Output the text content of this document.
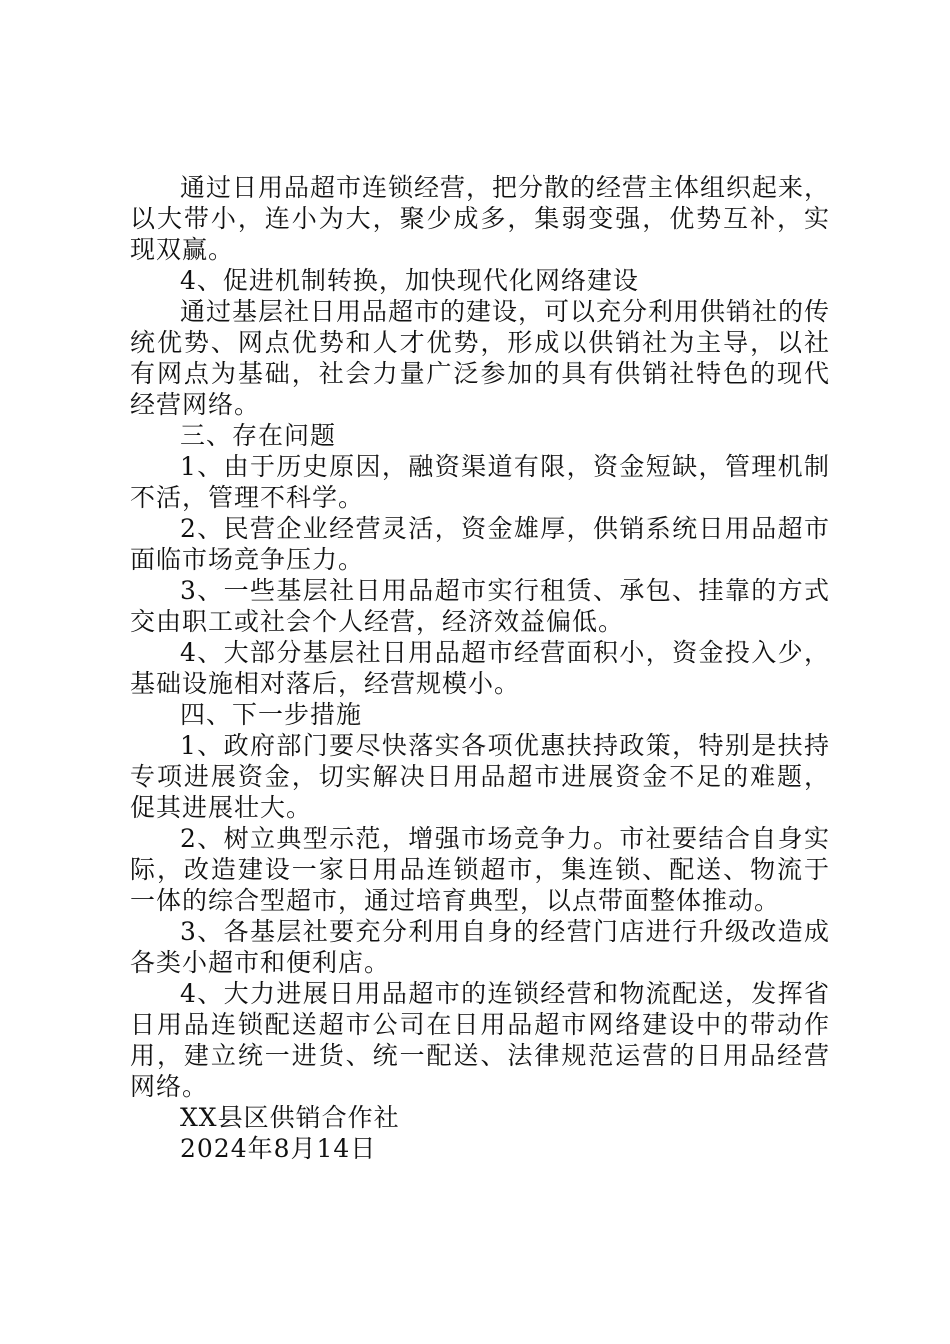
通过日用品超市连锁经营，把分散的经营主体组织起来，以大带小，连小为大，聚少成多，集弱变强，优势互补，实现双赢。

4、促进机制转换，加快现代化网络建设

通过基层社日用品超市的建设，可以充分利用供销社的传统优势、网点优势和人才优势，形成以供销社为主导，以社有网点为基础，社会力量广泛参加的具有供销社特色的现代经营网络。

三、存在问题

1、由于历史原因，融资渠道有限，资金短缺，管理机制不活，管理不科学。

2、民营企业经营灵活，资金雄厚，供销系统日用品超市面临市场竞争压力。

3、一些基层社日用品超市实行租赁、承包、挂靠的方式交由职工或社会个人经营，经济效益偏低。

4、大部分基层社日用品超市经营面积小，资金投入少，基础设施相对落后，经营规模小。

四、下一步措施

1、政府部门要尽快落实各项优惠扶持政策，特别是扶持专项进展资金，切实解决日用品超市进展资金不足的难题，促其进展壮大。

2、树立典型示范，增强市场竞争力。市社要结合自身实际，改造建设一家日用品连锁超市，集连锁、配送、物流于一体的综合型超市，通过培育典型，以点带面整体推动。

3、各基层社要充分利用自身的经营门店进行升级改造成各类小超市和便利店。

4、大力进展日用品超市的连锁经营和物流配送，发挥省日用品连锁配送超市公司在日用品超市网络建设中的带动作用，建立统一进货、统一配送、法律规范运营的日用品经营网络。

XX县区供销合作社

2024年8月14日
